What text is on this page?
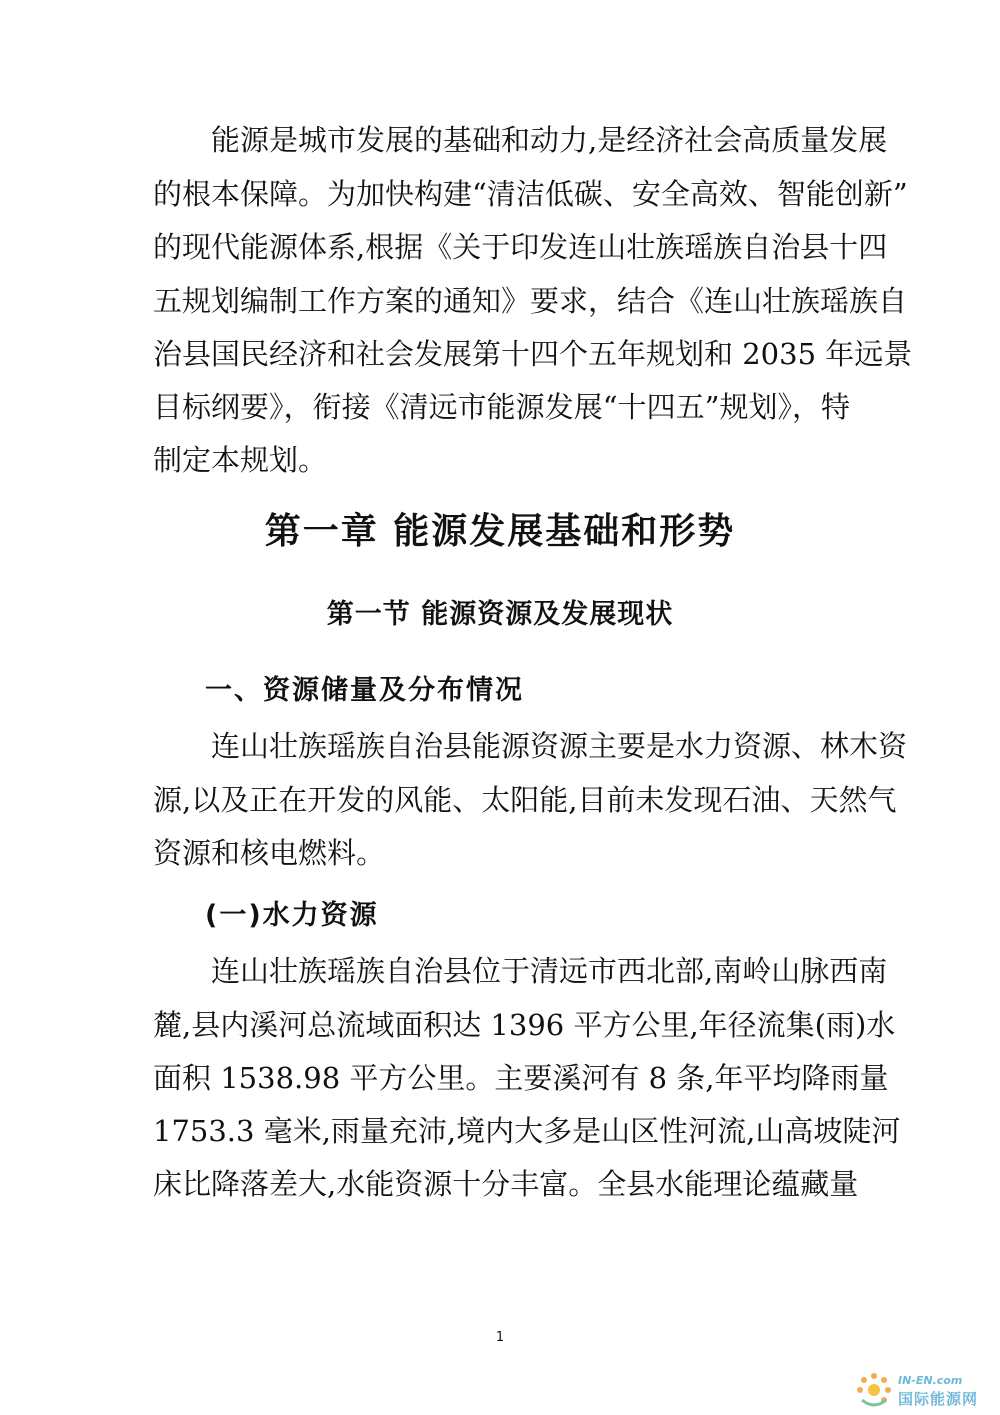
能源是城市发展的基础和动力,是经济社会高质量发展
的根本保障。为加快构建“清洁低碳、安全高效、智能创新”
的现代能源体系,根据《关于印发连山壮族瑶族自治县十四
五规划编制工作方案的通知》要求，结合《连山壮族瑶族自
治县国民经济和社会发展第十四个五年规划和 2035 年远景
目标纲要》，衔接《清远市能源发展“十四五”规划》，特
制定本规划。
第一章 能源发展基础和形势
第一节 能源资源及发展现状
一、资源储量及分布情况
连山壮族瑶族自治县能源资源主要是水力资源、林木资
源,以及正在开发的风能、太阳能,目前未发现石油、天然气
资源和核电燃料。
(一)水力资源
连山壮族瑶族自治县位于清远市西北部,南岭山脉西南
麓,县内溪河总流域面积达 1396 平方公里,年径流集(雨)水
面积 1538.98 平方公里。主要溪河有 8 条,年平均降雨量
1753.3 毫米,雨量充沛,境内大多是山区性河流,山高坡陡河
床比降落差大,水能资源十分丰富。全县水能理论蕴藏量
1
IN-EN.com
国际能源网
